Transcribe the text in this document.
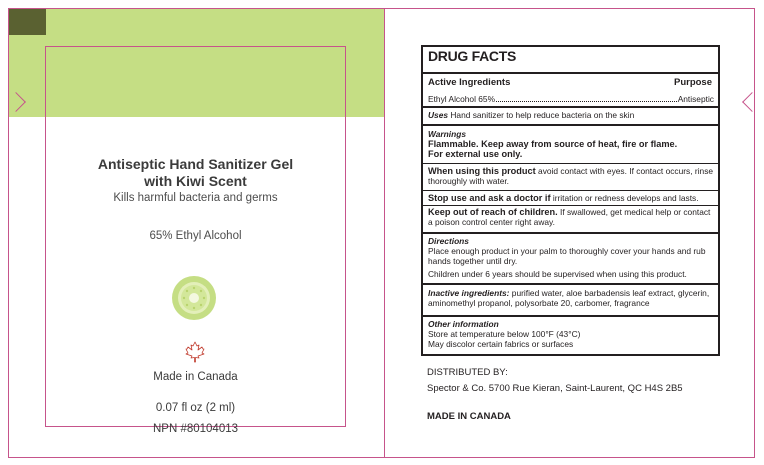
Antiseptic Hand Sanitizer Gel
with Kiwi Scent
Kills harmful bacteria and germs
65% Ethyl Alcohol
Made in Canada
0.07 fl oz (2 ml)
NPN #80104013
DRUG FACTS
Active Ingredients	Purpose
Ethyl Alcohol 65%	Antiseptic
Uses Hand sanitizer to help reduce bacteria on the skin
Warnings
Flammable. Keep away from source of heat, fire or flame.
For external use only.
When using this product avoid contact with eyes. If contact occurs, rinse thoroughly with water.
Stop use and ask a doctor if irritation or redness develops and lasts.
Keep out of reach of children. If swallowed, get medical help or contact a poison control center right away.
Directions
Place enough product in your palm to thoroughly cover your hands and rub hands together until dry.
Children under 6 years should be supervised when using this product.
Inactive ingredients: purified water, aloe barbadensis leaf extract, glycerin, aminomethyl propanol, polysorbate 20, carbomer, fragrance
Other information
Store at temperature below 100°F (43°C)
May discolor certain fabrics or surfaces
DISTRIBUTED BY:
Spector & Co. 5700 Rue Kieran, Saint-Laurent, QC H4S 2B5
MADE IN CANADA
